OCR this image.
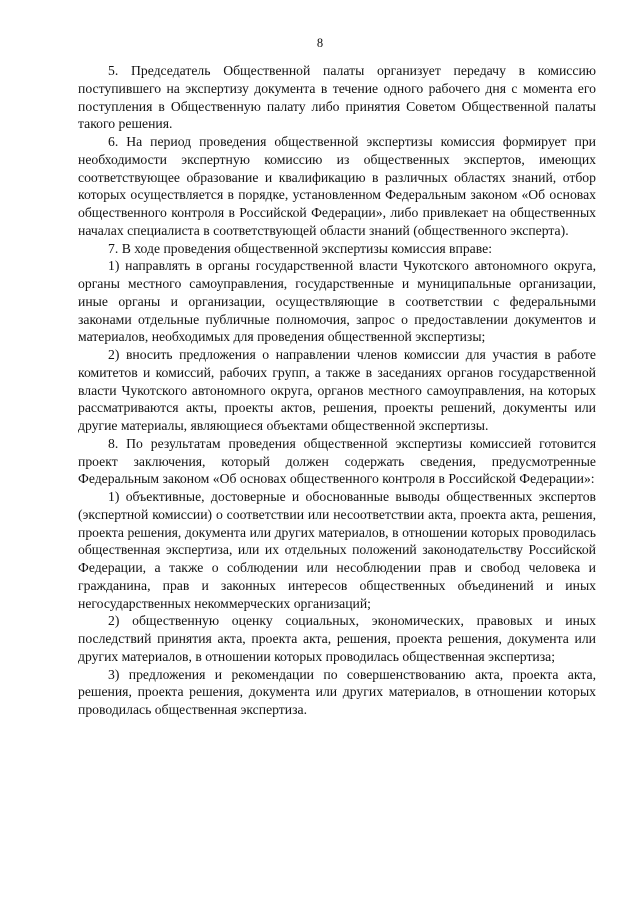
8

5. Председатель Общественной палаты организует передачу в комиссию поступившего на экспертизу документа в течение одного рабочего дня с момента его поступления в Общественную палату либо принятия Советом Общественной палаты такого решения.

6. На период проведения общественной экспертизы комиссия формирует при необходимости экспертную комиссию из общественных экспертов, имеющих соответствующее образование и квалификацию в различных областях знаний, отбор которых осуществляется в порядке, установленном Федеральным законом «Об основах общественного контроля в Российской Федерации», либо привлекает на общественных началах специалиста в соответствующей области знаний (общественного эксперта).

7. В ходе проведения общественной экспертизы комиссия вправе:

1) направлять в органы государственной власти Чукотского автономного округа, органы местного самоуправления, государственные и муниципальные организации, иные органы и организации, осуществляющие в соответствии с федеральными законами отдельные публичные полномочия, запрос о предоставлении документов и материалов, необходимых для проведения общественной экспертизы;

2) вносить предложения о направлении членов комиссии для участия в работе комитетов и комиссий, рабочих групп, а также в заседаниях органов государственной власти Чукотского автономного округа, органов местного самоуправления, на которых рассматриваются акты, проекты актов, решения, проекты решений, документы или другие материалы, являющиеся объектами общественной экспертизы.

8. По результатам проведения общественной экспертизы комиссией готовится проект заключения, который должен содержать сведения, предусмотренные Федеральным законом «Об основах общественного контроля в Российской Федерации»:

1) объективные, достоверные и обоснованные выводы общественных экспертов (экспертной комиссии) о соответствии или несоответствии акта, проекта акта, решения, проекта решения, документа или других материалов, в отношении которых проводилась общественная экспертиза, или их отдельных положений законодательству Российской Федерации, а также о соблюдении или несоблюдении прав и свобод человека и гражданина, прав и законных интересов общественных объединений и иных негосударственных некоммерческих организаций;

2) общественную оценку социальных, экономических, правовых и иных последствий принятия акта, проекта акта, решения, проекта решения, документа или других материалов, в отношении которых проводилась общественная экспертиза;

3) предложения и рекомендации по совершенствованию акта, проекта акта, решения, проекта решения, документа или других материалов, в отношении которых проводилась общественная экспертиза.
